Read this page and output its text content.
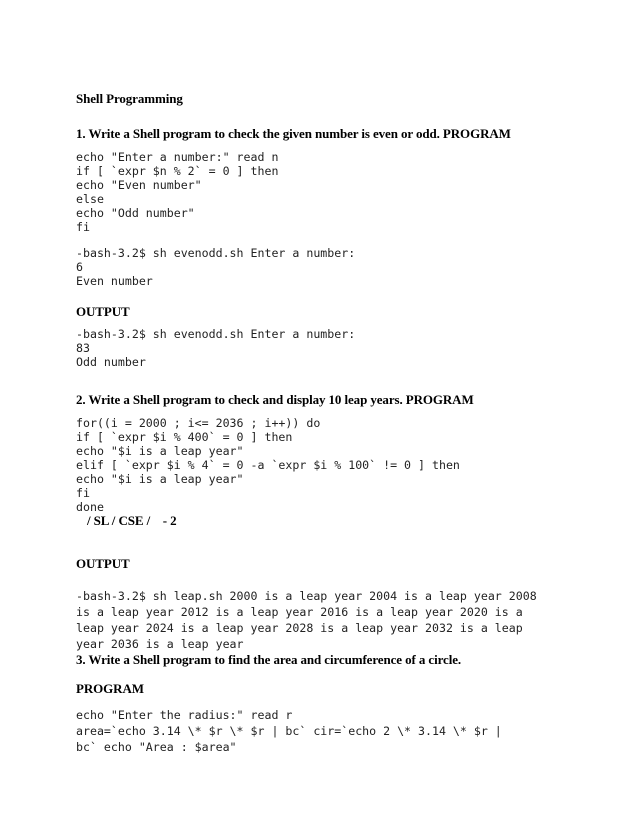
Shell Programming
1. Write a Shell program to check the given number is even or odd. PROGRAM
echo "Enter a number:" read n
if [ `expr $n % 2` = 0 ] then
echo "Even number"
else
echo "Odd number"
fi
-bash-3.2$ sh evenodd.sh Enter a number:
6
Even number
OUTPUT
-bash-3.2$ sh evenodd.sh Enter a number:
83
Odd number
2. Write a Shell program to check and display 10 leap years. PROGRAM
for((i = 2000 ; i<= 2036 ; i++)) do
if [ `expr $i % 400` = 0 ] then
echo "$i is a leap year"
elif [ `expr $i % 4` = 0 -a `expr $i % 100` != 0 ] then
echo "$i is a leap year"
fi
done
/ SL / CSE /    - 2
OUTPUT
-bash-3.2$ sh leap.sh 2000 is a leap year 2004 is a leap year 2008
is a leap year 2012 is a leap year 2016 is a leap year 2020 is a
leap year 2024 is a leap year 2028 is a leap year 2032 is a leap
year 2036 is a leap year
3. Write a Shell program to find the area and circumference of a circle.
PROGRAM
echo "Enter the radius:" read r
area=`echo 3.14 \* $r \* $r | bc` cir=`echo 2 \* 3.14 \* $r |
bc` echo "Area : $area"
